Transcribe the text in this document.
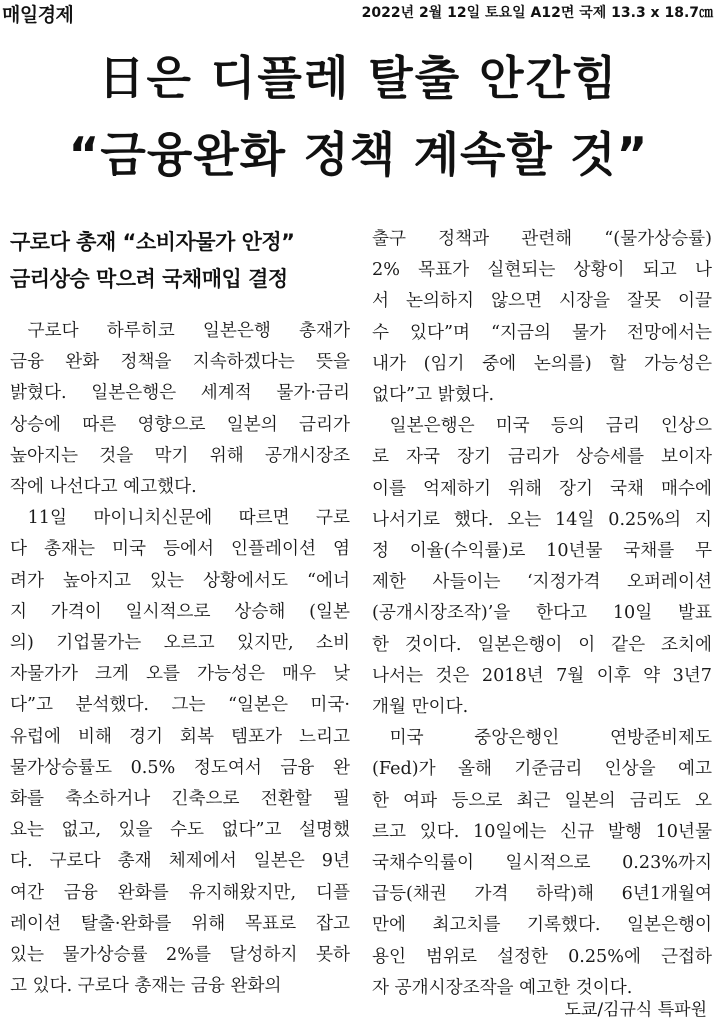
매일경제	2022년 2월 12일 토요일 A12면 국제 13.3 x 18.7㎝
日은 디플레 탈출 안간힘
“금융완화 정책 계속할 것”
구로다 총재 “소비자물가 안정”
금리상승 막으려 국채매입 결정
구로다 하루히코 일본은행 총재가
금융 완화 정책을 지속하겠다는 뜻을
밝혔다. 일본은행은 세계적 물가·금리
상승에 따른 영향으로 일본의 금리가
높아지는 것을 막기 위해 공개시장조
작에 나선다고 예고했다.
11일 마이니치신문에 따르면 구로
다 총재는 미국 등에서 인플레이션 염
려가 높아지고 있는 상황에서도 “에너
지 가격이 일시적으로 상승해 (일본
의) 기업물가는 오르고 있지만, 소비
자물가가 크게 오를 가능성은 매우 낮
다”고 분석했다. 그는 “일본은 미국·
유럽에 비해 경기 회복 템포가 느리고
물가상승률도 0.5% 정도여서 금융 완
화를 축소하거나 긴축으로 전환할 필
요는 없고, 있을 수도 없다”고 설명했
다. 구로다 총재 체제에서 일본은 9년
여간 금융 완화를 유지해왔지만, 디플
레이션 탈출·완화를 위해 목표로 잡고
있는 물가상승률 2%를 달성하지 못하
고 있다. 구로다 총재는 금융 완화의
출구 정책과 관련해 “(물가상승률)
2% 목표가 실현되는 상황이 되고 나
서 논의하지 않으면 시장을 잘못 이끌
수 있다”며 “지금의 물가 전망에서는
내가 (임기 중에 논의를) 할 가능성은
없다”고 밝혔다.
일본은행은 미국 등의 금리 인상으
로 자국 장기 금리가 상승세를 보이자
이를 억제하기 위해 장기 국채 매수에
나서기로 했다. 오는 14일 0.25%의 지
정 이율(수익률)로 10년물 국채를 무
제한 사들이는 ‘지정가격 오퍼레이션
(공개시장조작)’을 한다고 10일 발표
한 것이다. 일본은행이 이 같은 조치에
나서는 것은 2018년 7월 이후 약 3년7
개월 만이다.
미국 중앙은행인 연방준비제도
(Fed)가 올해 기준금리 인상을 예고
한 여파 등으로 최근 일본의 금리도 오
르고 있다. 10일에는 신규 발행 10년물
국채수익률이 일시적으로 0.23%까지
급등(채권 가격 하락)해 6년1개월여
만에 최고치를 기록했다. 일본은행이
용인 범위로 설정한 0.25%에 근접하
자 공개시장조작을 예고한 것이다.
도쿄/김규식 특파원
